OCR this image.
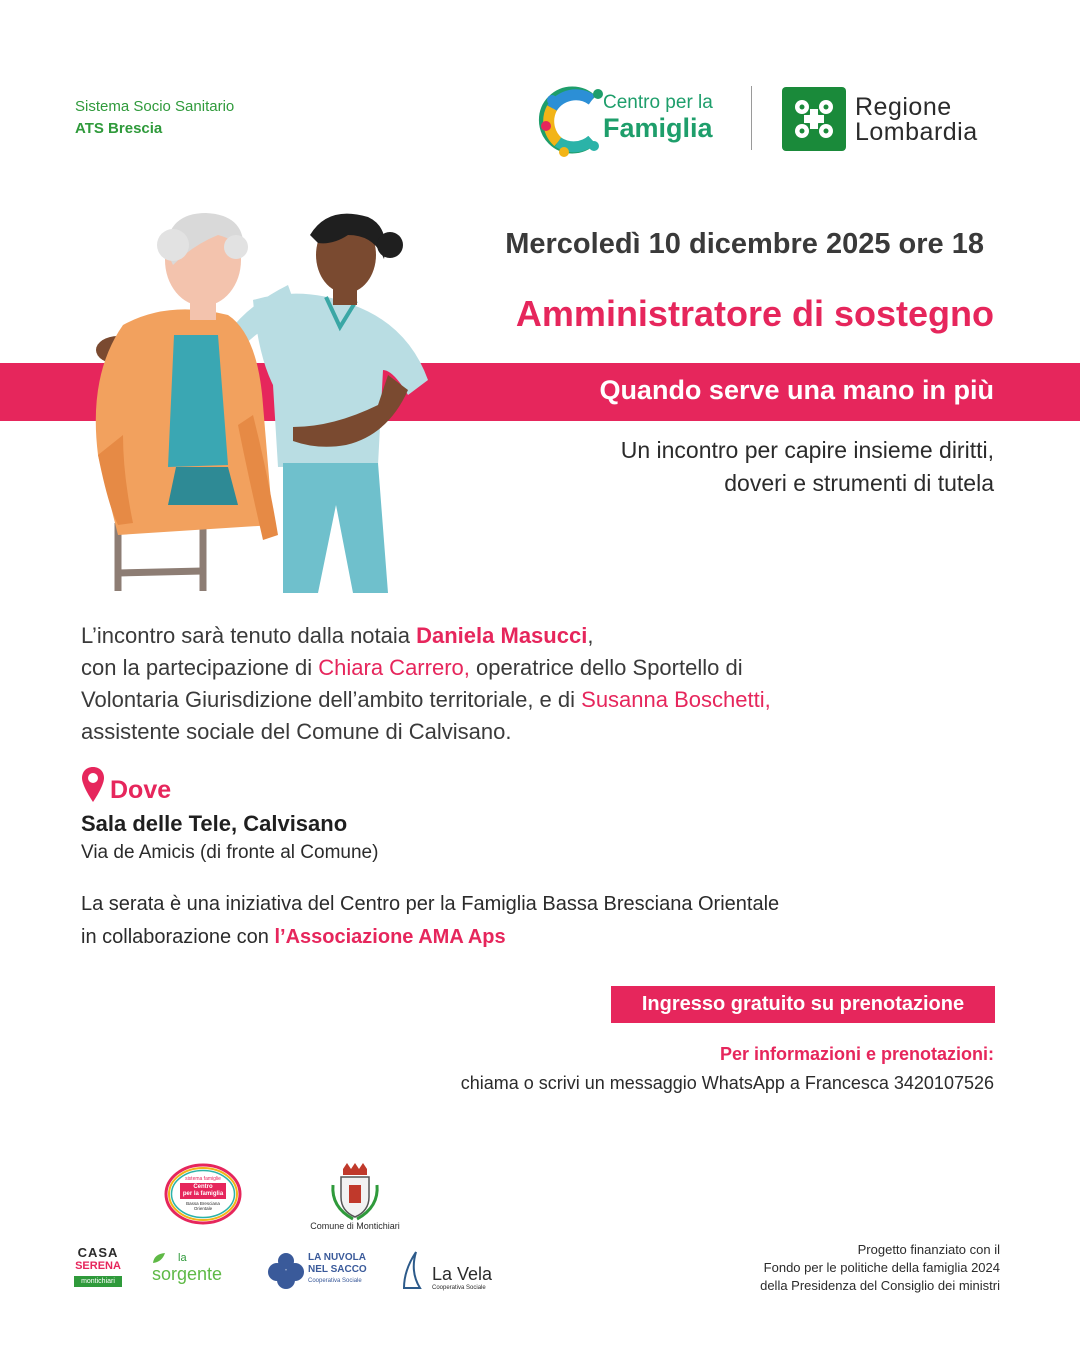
Sistema Socio Sanitario
ATS Brescia
Centro per la
Famiglia
Regione
Lombardia
Mercoledì 10 dicembre 2025 ore 18
Amministratore di sostegno
Quando serve una mano in più
Un incontro per capire insieme diritti,
doveri e strumenti di tutela
L’incontro sarà tenuto dalla notaia Daniela Masucci,
con la partecipazione di Chiara Carrero, operatrice dello Sportello di
Volontaria Giurisdizione dell’ambito territoriale, e di Susanna Boschetti,
assistente sociale del Comune di Calvisano.
Dove
Sala delle Tele, Calvisano
Via de Amicis (di fronte al Comune)
La serata è una iniziativa del Centro per la Famiglia Bassa Bresciana Orientale
in collaborazione con l’Associazione AMA Aps
Ingresso gratuito su prenotazione
Per informazioni e prenotazioni:
chiama o scrivi un messaggio WhatsApp a Francesca 3420107526
sistema famiglie
Centro
per la famiglia
Bassa Bresciana
Orientale
Comune di Montichiari
CASA
SERENA
montichiari
la
sorgente
LA NUVOLA
NEL SACCO
Cooperativa Sociale	La Vela
Cooperativa Sociale
Progetto finanziato con il
Fondo per le politiche della famiglia 2024
della Presidenza del Consiglio dei ministri
